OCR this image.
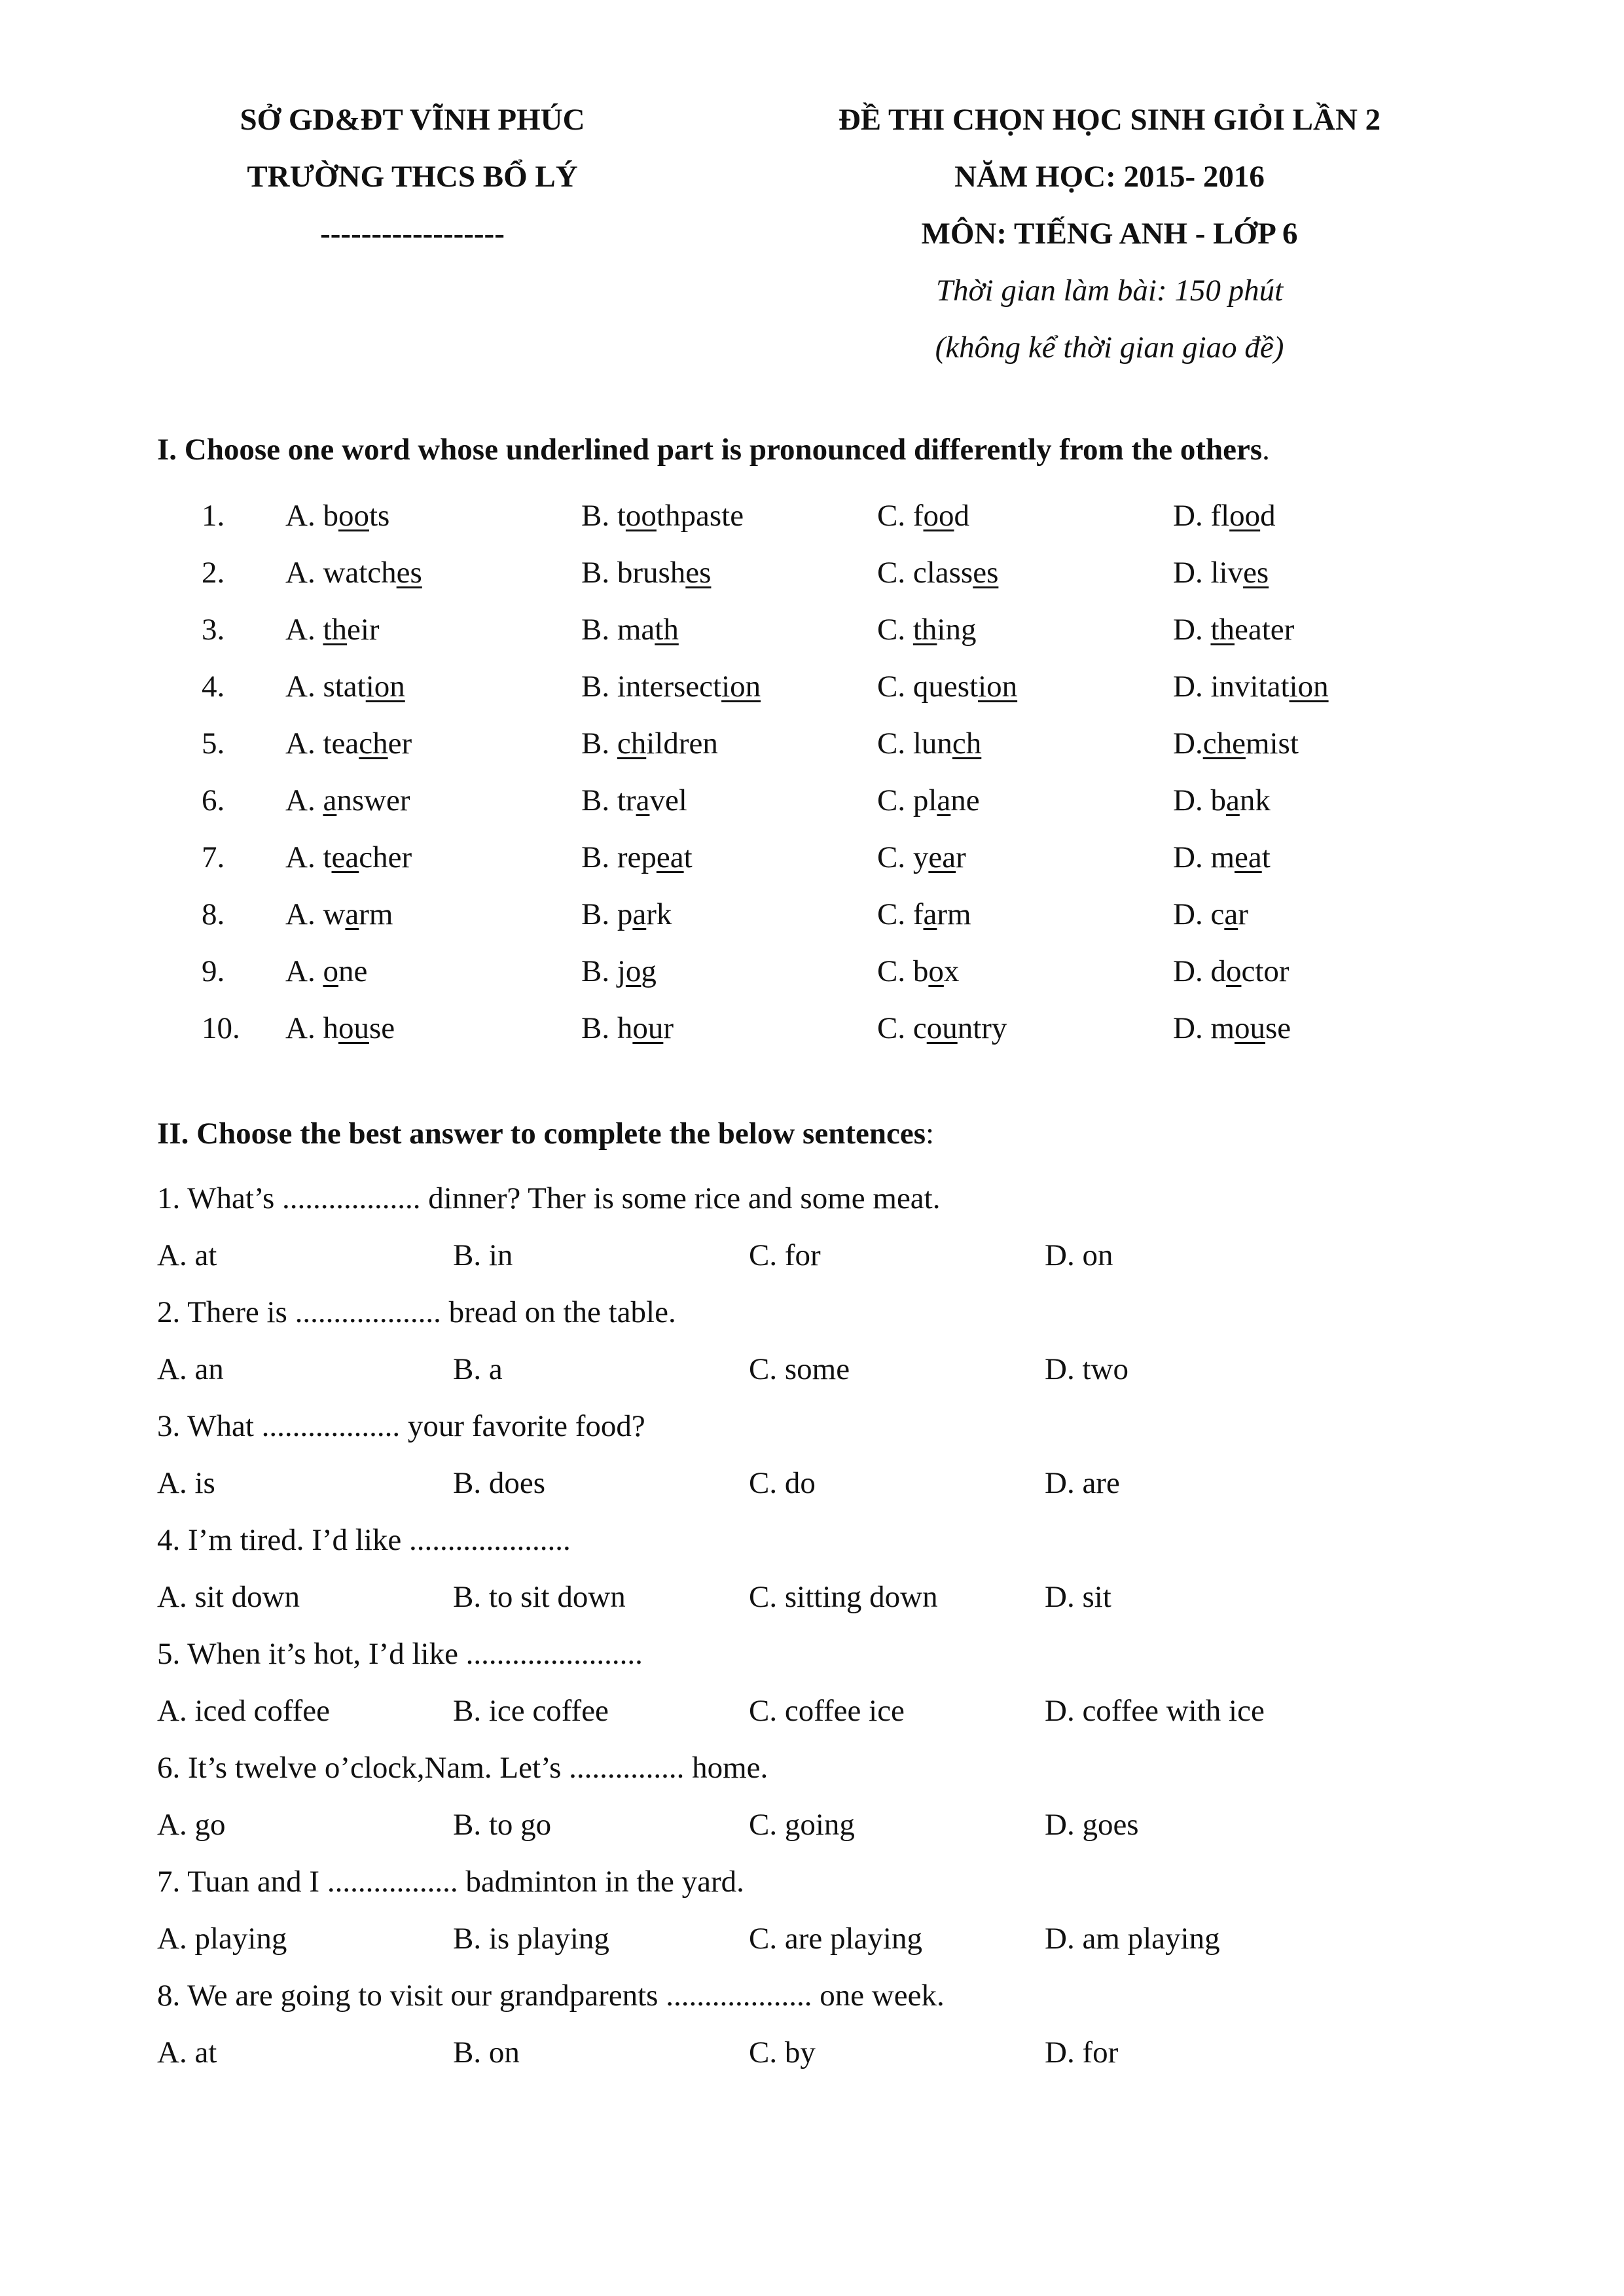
SỞ GD&ĐT VĨNH PHÚC
TRƯỜNG THCS BỔ LÝ
------------------
ĐỀ THI CHỌN HỌC SINH GIỎI LẦN 2
NĂM HỌC: 2015- 2016
MÔN: TIẾNG ANH - LỚP 6
Thời gian làm bài: 150 phút
(không kể thời gian giao đề)
I. Choose one word whose underlined part is pronounced differently from the others.
1. A. boots	B. toothpaste	C. food	D. flood
2. A. watches	B. brushes	C. classes	D. lives
3. A. their	B. math	C. thing	D. theater
4. A. station	B. intersection	C. question	D. invitation
5. A. teacher	B. children	C. lunch	D.chemist
6. A. answer	B. travel	C. plane	D. bank
7. A. teacher	B. repeat	C. year	D. meat
8. A. warm	B. park	C. farm	D. car
9. A. one	B. jog	C. box	D. doctor
10. A. house	B. hour	C. country	D. mouse
II. Choose the best answer to complete the below sentences:
1. What’s .................. dinner? Ther is some rice and some meat.
A. at	B. in	C. for	D. on
2. There is ................... bread on the table.
A. an	B. a	C. some	D. two
3. What .................. your favorite food?
A. is	B. does	C. do	D. are
4. I’m tired. I’d like .....................
A. sit down	B. to sit down	C. sitting down	D. sit
5. When it’s hot, I’d like .......................
A. iced coffee	B. ice coffee	C. coffee ice	D. coffee with ice
6. It’s twelve o’clock,Nam. Let’s ............... home.
A. go	B. to go	C. going	D. goes
7. Tuan and I ................. badminton in the yard.
A. playing	B. is playing	C. are playing	D. am playing
8. We are going to visit our grandparents ................... one week.
A. at	B. on	C. by	D. for
